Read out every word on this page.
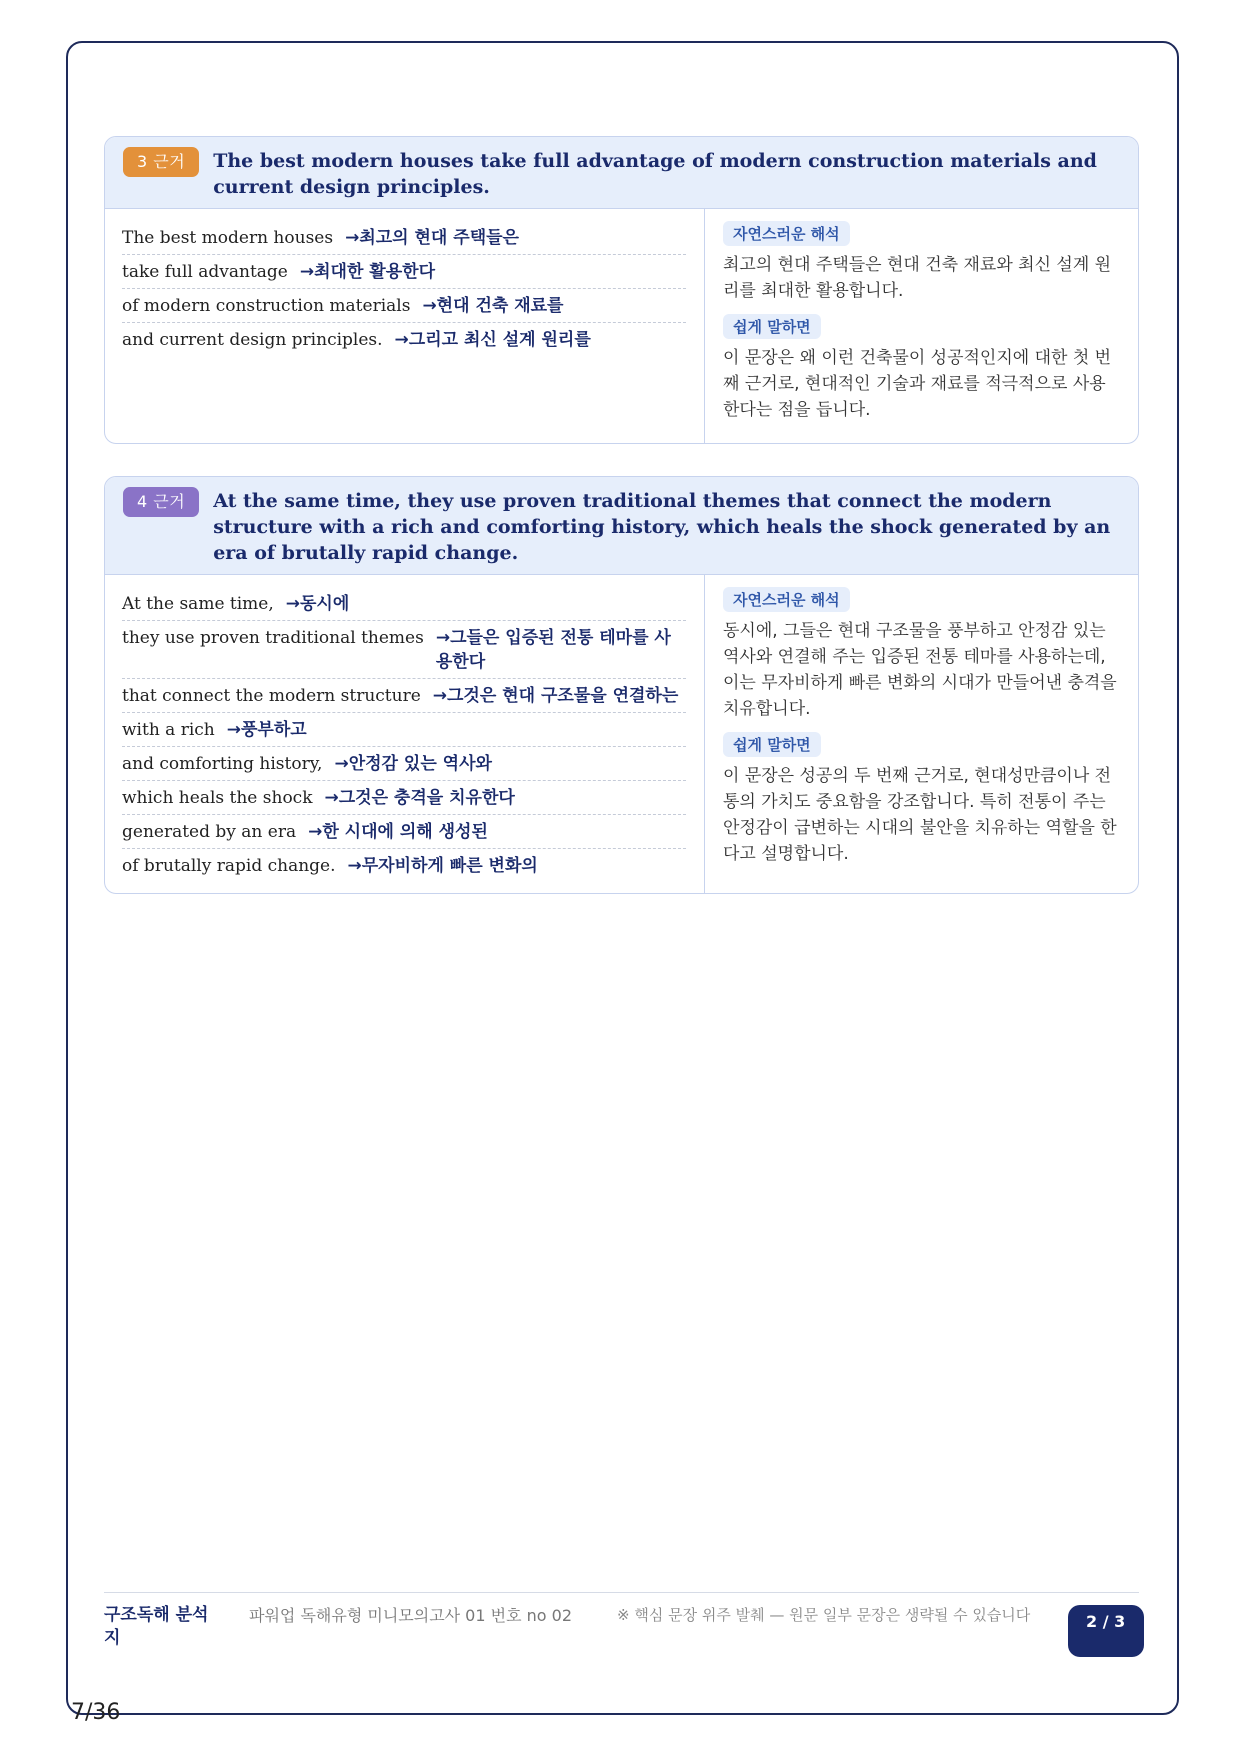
3 근거	The best modern houses take full advantage of modern construction materials and current design principles.
The best modern houses →최고의 현대 주택들은
take full advantage →최대한 활용한다
of modern construction materials →현대 건축 재료를
and current design principles. →그리고 최신 설계 원리를
자연스러운 해석

최고의 현대 주택들은 현대 건축 재료와 최신 설계 원리를 최대한 활용합니다.

쉽게 말하면

이 문장은 왜 이런 건축물이 성공적인지에 대한 첫 번째 근거로, 현대적인 기술과 재료를 적극적으로 사용한다는 점을 듭니다.

4 근거	At the same time, they use proven traditional themes that connect the modern structure with a rich and comforting history, which heals the shock generated by an era of brutally rapid change.
At the same time, →동시에
they use proven traditional themes →그들은 입증된 전통 테마를 사용한다
that connect the modern structure →그것은 현대 구조물을 연결하는
with a rich →풍부하고
and comforting history, →안정감 있는 역사와
which heals the shock →그것은 충격을 치유한다
generated by an era →한 시대에 의해 생성된
of brutally rapid change. →무자비하게 빠른 변화의
자연스러운 해석

동시에, 그들은 현대 구조물을 풍부하고 안정감 있는 역사와 연결해 주는 입증된 전통 테마를 사용하는데, 이는 무자비하게 빠른 변화의 시대가 만들어낸 충격을 치유합니다.

쉽게 말하면

이 문장은 성공의 두 번째 근거로, 현대성만큼이나 전통의 가치도 중요함을 강조합니다. 특히 전통이 주는 안정감이 급변하는 시대의 불안을 치유하는 역할을 한다고 설명합니다.

구조독해 분석지
파워업 독해유형 미니모의고사 01 번호 no 02	※ 핵심 문장 위주 발췌 — 원문 일부 문장은 생략될 수 있습니다	2 / 3
7/36
